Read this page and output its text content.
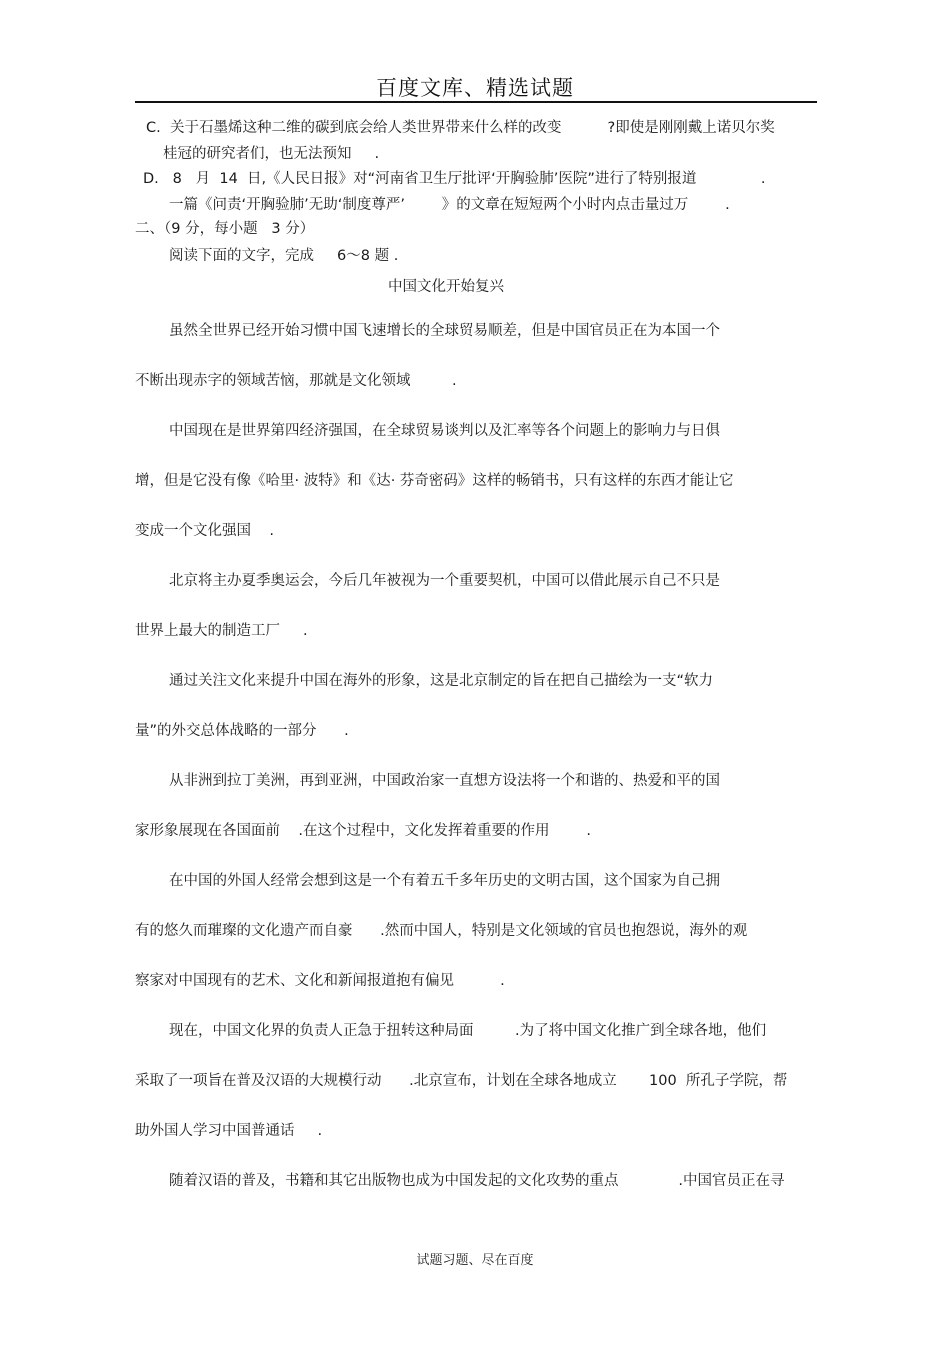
百度文库、精选试题
C.  关于石墨烯这种二维的碳到底会给人类世界带来什么样的改变          ?即使是刚刚戴上诺贝尔奖
桂冠的研究者们，也无法预知     .
D.   8   月  14  日,《人民日报》对“河南省卫生厅批评‘开胸验肺’医院”进行了特别报道              .
一篇《问责‘开胸验肺’无助‘制度尊严’        》的文章在短短两个小时内点击量过万        .
二、（9 分，每小题   3 分）
阅读下面的文字，完成     6～8 题 .
中国文化开始复兴
虽然全世界已经开始习惯中国飞速增长的全球贸易顺差，但是中国官员正在为本国一个
不断出现赤字的领域苦恼，那就是文化领域         .
中国现在是世界第四经济强国，在全球贸易谈判以及汇率等各个问题上的影响力与日俱
增，但是它没有像《哈里· 波特》和《达· 芬奇密码》这样的畅销书，只有这样的东西才能让它
变成一个文化强国    .
北京将主办夏季奥运会，今后几年被视为一个重要契机，中国可以借此展示自己不只是
世界上最大的制造工厂     .
通过关注文化来提升中国在海外的形象，这是北京制定的旨在把自己描绘为一支“软力
量”的外交总体战略的一部分      .
从非洲到拉丁美洲，再到亚洲，中国政治家一直想方设法将一个和谐的、热爱和平的国
家形象展现在各国面前    .在这个过程中，文化发挥着重要的作用        .
在中国的外国人经常会想到这是一个有着五千多年历史的文明古国，这个国家为自己拥
有的悠久而璀璨的文化遗产而自豪      .然而中国人，特别是文化领域的官员也抱怨说，海外的观
察家对中国现有的艺术、文化和新闻报道抱有偏见          .
现在，中国文化界的负责人正急于扭转这种局面         .为了将中国文化推广到全球各地，他们
采取了一项旨在普及汉语的大规模行动      .北京宣布，计划在全球各地成立       100  所孔子学院，帮
助外国人学习中国普通话     .
随着汉语的普及，书籍和其它出版物也成为中国发起的文化攻势的重点             .中国官员正在寻
试题习题、尽在百度
